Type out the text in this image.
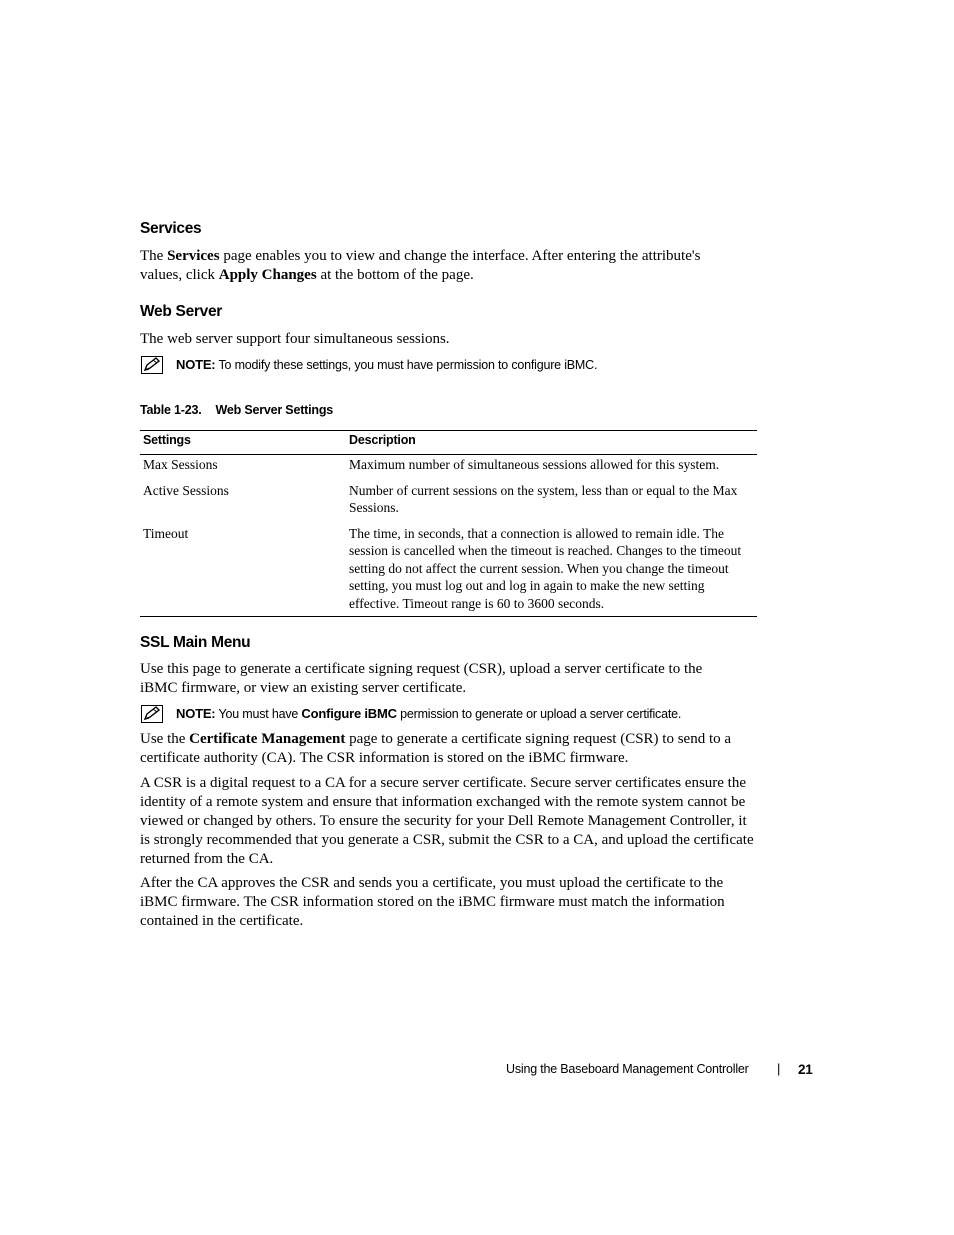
Services

The Services page enables you to view and change the interface. After entering the attribute's values, click Apply Changes at the bottom of the page.

Web Server

The web server support four simultaneous sessions.

NOTE: To modify these settings, you must have permission to configure iBMC.
Table 1-23. Web Server Settings
Settings	Description
Max Sessions	Maximum number of simultaneous sessions allowed for this system.
Active Sessions	Number of current sessions on the system, less than or equal to the Max Sessions.
Timeout	The time, in seconds, that a connection is allowed to remain idle. The session is cancelled when the timeout is reached. Changes to the timeout setting do not affect the current session. When you change the timeout setting, you must log out and log in again to make the new setting effective. Timeout range is 60 to 3600 seconds.
SSL Main Menu

Use this page to generate a certificate signing request (CSR), upload a server certificate to the iBMC firmware, or view an existing server certificate.

NOTE: You must have Configure iBMC permission to generate or upload a server certificate.

Use the Certificate Management page to generate a certificate signing request (CSR) to send to a certificate authority (CA). The CSR information is stored on the iBMC firmware.

A CSR is a digital request to a CA for a secure server certificate. Secure server certificates ensure the identity of a remote system and ensure that information exchanged with the remote system cannot be viewed or changed by others. To ensure the security for your Dell Remote Management Controller, it is strongly recommended that you generate a CSR, submit the CSR to a CA, and upload the certificate returned from the CA.

After the CA approves the CSR and sends you a certificate, you must upload the certificate to the iBMC firmware. The CSR information stored on the iBMC firmware must match the information contained in the certificate.

Using the Baseboard Management Controller | 21
